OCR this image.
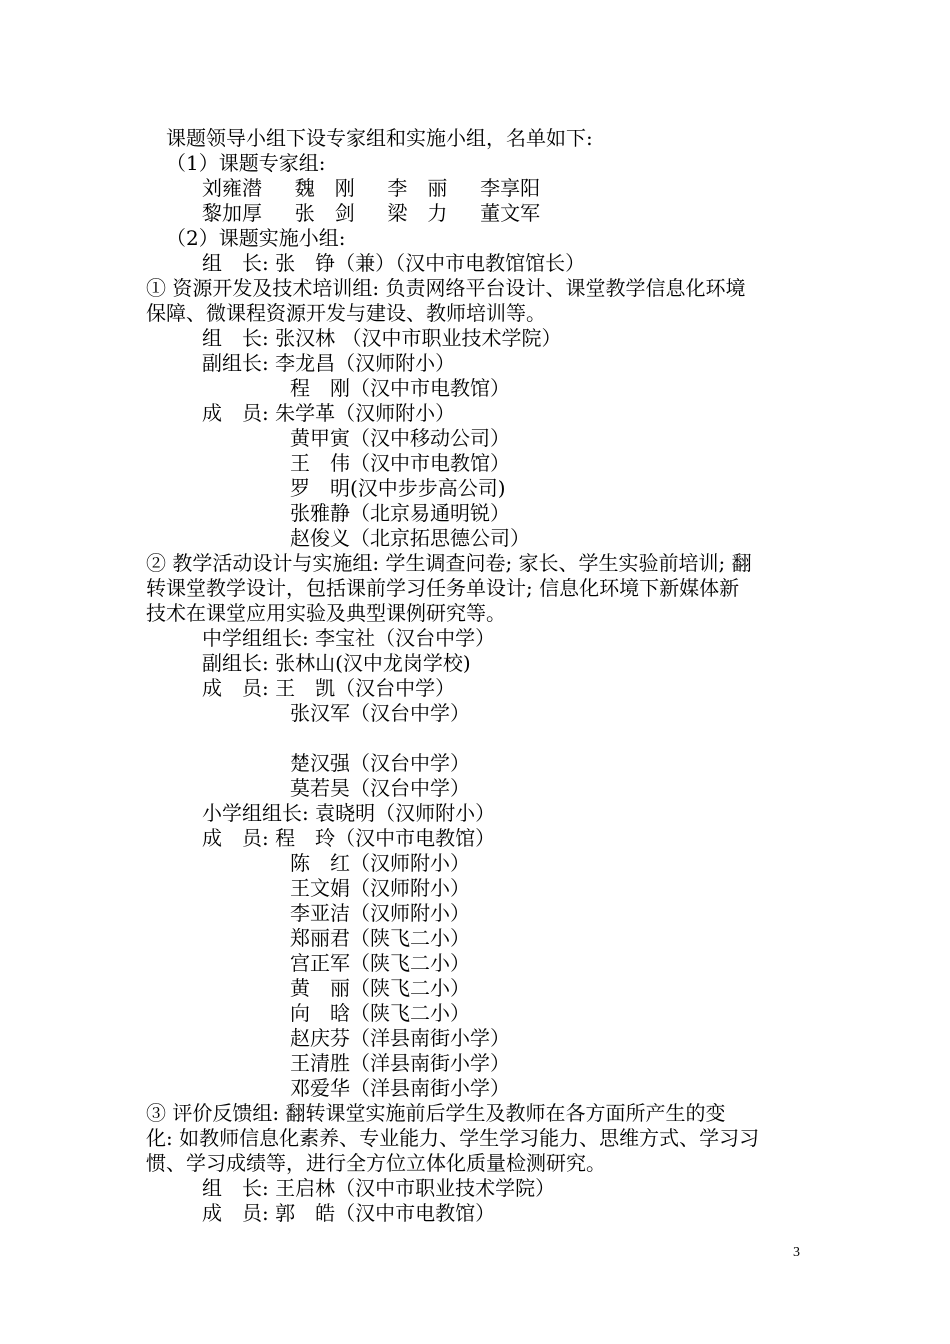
课题领导小组下设专家组和实施小组，名单如下:
（1）课题专家组:
刘雍潜　  魏　刚　  李　丽　  李享阳
黎加厚　  张　剑　  梁　力　  董文军
（2）课题实施小组:
组　长: 张　铮（兼）（汉中市电教馆馆长）
① 资源开发及技术培训组: 负责网络平台设计、课堂教学信息化环境
保障、微课程资源开发与建设、教师培训等。
组　长: 张汉林 （汉中市职业技术学院）
副组长: 李龙昌（汉师附小）
程　刚（汉中市电教馆）
成　员: 朱学革（汉师附小）
黄甲寅（汉中移动公司）
王　伟（汉中市电教馆）
罗　明(汉中步步高公司)
张雅静（北京易通明锐）
赵俊义（北京拓思德公司）
② 教学活动设计与实施组: 学生调查问卷; 家长、学生实验前培训; 翻
转课堂教学设计，包括课前学习任务单设计; 信息化环境下新媒体新
技术在课堂应用实验及典型课例研究等。
中学组组长: 李宝社（汉台中学）
副组长: 张林山(汉中龙岗学校)
成　员: 王　凯（汉台中学）
张汉军（汉台中学）
楚汉强（汉台中学）
莫若昊（汉台中学）
小学组组长: 袁晓明（汉师附小）
成　员: 程　玲（汉中市电教馆）
陈　红（汉师附小）
王文娟（汉师附小）
李亚洁（汉师附小）
郑丽君（陕飞二小）
宫正军（陕飞二小）
黄　丽（陕飞二小）
向　晗（陕飞二小）
赵庆芬（洋县南街小学）
王清胜（洋县南街小学）
邓爱华（洋县南街小学）
③ 评价反馈组: 翻转课堂实施前后学生及教师在各方面所产生的变
化: 如教师信息化素养、专业能力、学生学习能力、思维方式、学习习
惯、学习成绩等，进行全方位立体化质量检测研究。
组　长: 王启林（汉中市职业技术学院）
成　员: 郭　皓（汉中市电教馆）
3
